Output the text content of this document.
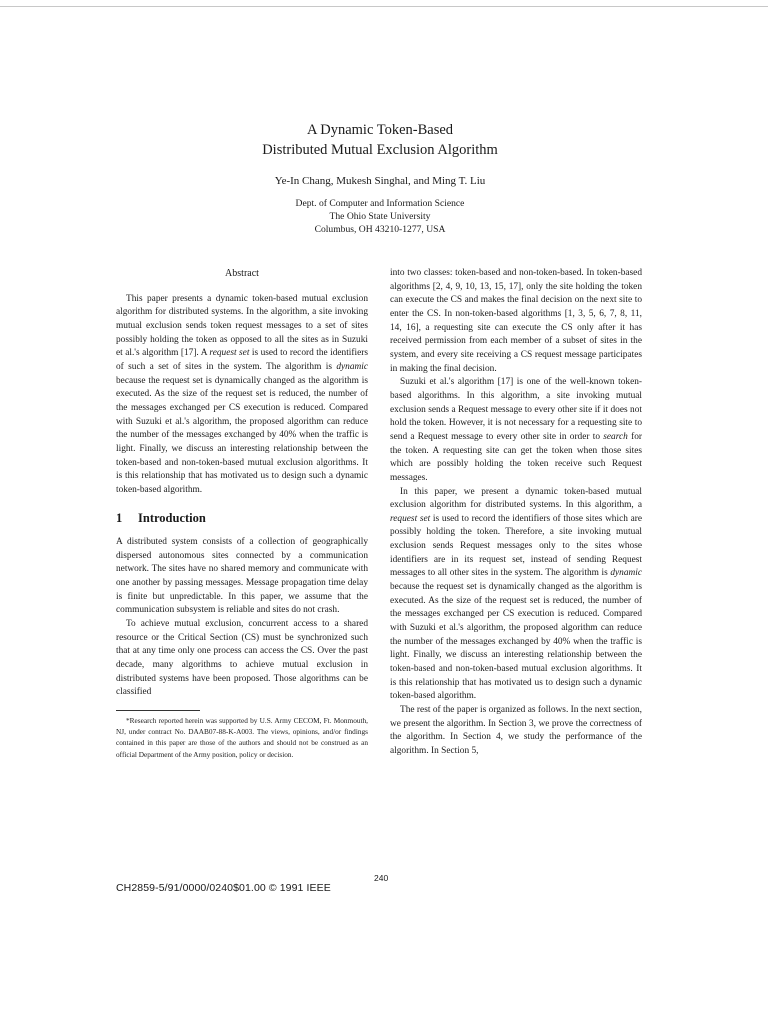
A Dynamic Token-Based
Distributed Mutual Exclusion Algorithm
Ye-In Chang, Mukesh Singhal, and Ming T. Liu
Dept. of Computer and Information Science
The Ohio State University
Columbus, OH 43210-1277, USA
Abstract

This paper presents a dynamic token-based mutual exclusion algorithm for distributed systems. In the algorithm, a site invoking mutual exclusion sends token request messages to a set of sites possibly holding the token as opposed to all the sites as in Suzuki et al.'s algorithm [17]. A request set is used to record the identifiers of such a set of sites in the system. The algorithm is dynamic because the request set is dynamically changed as the algorithm is executed. As the size of the request set is reduced, the number of the messages exchanged per CS execution is reduced. Compared with Suzuki et al.'s algorithm, the proposed algorithm can reduce the number of the messages exchanged by 40% when the traffic is light. Finally, we discuss an interesting relationship between the token-based and non-token-based mutual exclusion algorithms. It is this relationship that has motivated us to design such a dynamic token-based algorithm.

1 Introduction

A distributed system consists of a collection of geographically dispersed autonomous sites connected by a communication network. The sites have no shared memory and communicate with one another by passing messages. Message propagation time delay is finite but unpredictable. In this paper, we assume that the communication subsystem is reliable and sites do not crash.

To achieve mutual exclusion, concurrent access to a shared resource or the Critical Section (CS) must be synchronized such that at any time only one process can access the CS. Over the past decade, many algorithms to achieve mutual exclusion in distributed systems have been proposed. Those algorithms can be classified

*Research reported herein was supported by U.S. Army CECOM, Ft. Monmouth, NJ, under contract No. DAAB07-88-K-A003. The views, opinions, and/or findings contained in this paper are those of the authors and should not be construed as an official Department of the Army position, policy or decision.

into two classes: token-based and non-token-based. In token-based algorithms [2, 4, 9, 10, 13, 15, 17], only the site holding the token can execute the CS and makes the final decision on the next site to enter the CS. In non-token-based algorithms [1, 3, 5, 6, 7, 8, 11, 14, 16], a requesting site can execute the CS only after it has received permission from each member of a subset of sites in the system, and every site receiving a CS request message participates in making the final decision.

Suzuki et al.'s algorithm [17] is one of the well-known token-based algorithms. In this algorithm, a site invoking mutual exclusion sends a Request message to every other site if it does not hold the token. However, it is not necessary for a requesting site to send a Request message to every other site in order to search for the token. A requesting site can get the token when those sites which are possibly holding the token receive such Request messages.

In this paper, we present a dynamic token-based mutual exclusion algorithm for distributed systems. In this algorithm, a request set is used to record the identifiers of those sites which are possibly holding the token. Therefore, a site invoking mutual exclusion sends Request messages only to the sites whose identifiers are in its request set, instead of sending Request messages to all other sites in the system. The algorithm is dynamic because the request set is dynamically changed as the algorithm is executed. As the size of the request set is reduced, the number of the messages exchanged per CS execution is reduced. Compared with Suzuki et al.'s algorithm, the proposed algorithm can reduce the number of the messages exchanged by 40% when the traffic is light. Finally, we discuss an interesting relationship between the token-based and non-token-based mutual exclusion algorithms. It is this relationship that has motivated us to design such a dynamic token-based algorithm.

The rest of the paper is organized as follows. In the next section, we present the algorithm. In Section 3, we prove the correctness of the algorithm. In Section 4, we study the performance of the algorithm. In Section 5,

240
CH2859-5/91/0000/0240$01.00 © 1991 IEEE
